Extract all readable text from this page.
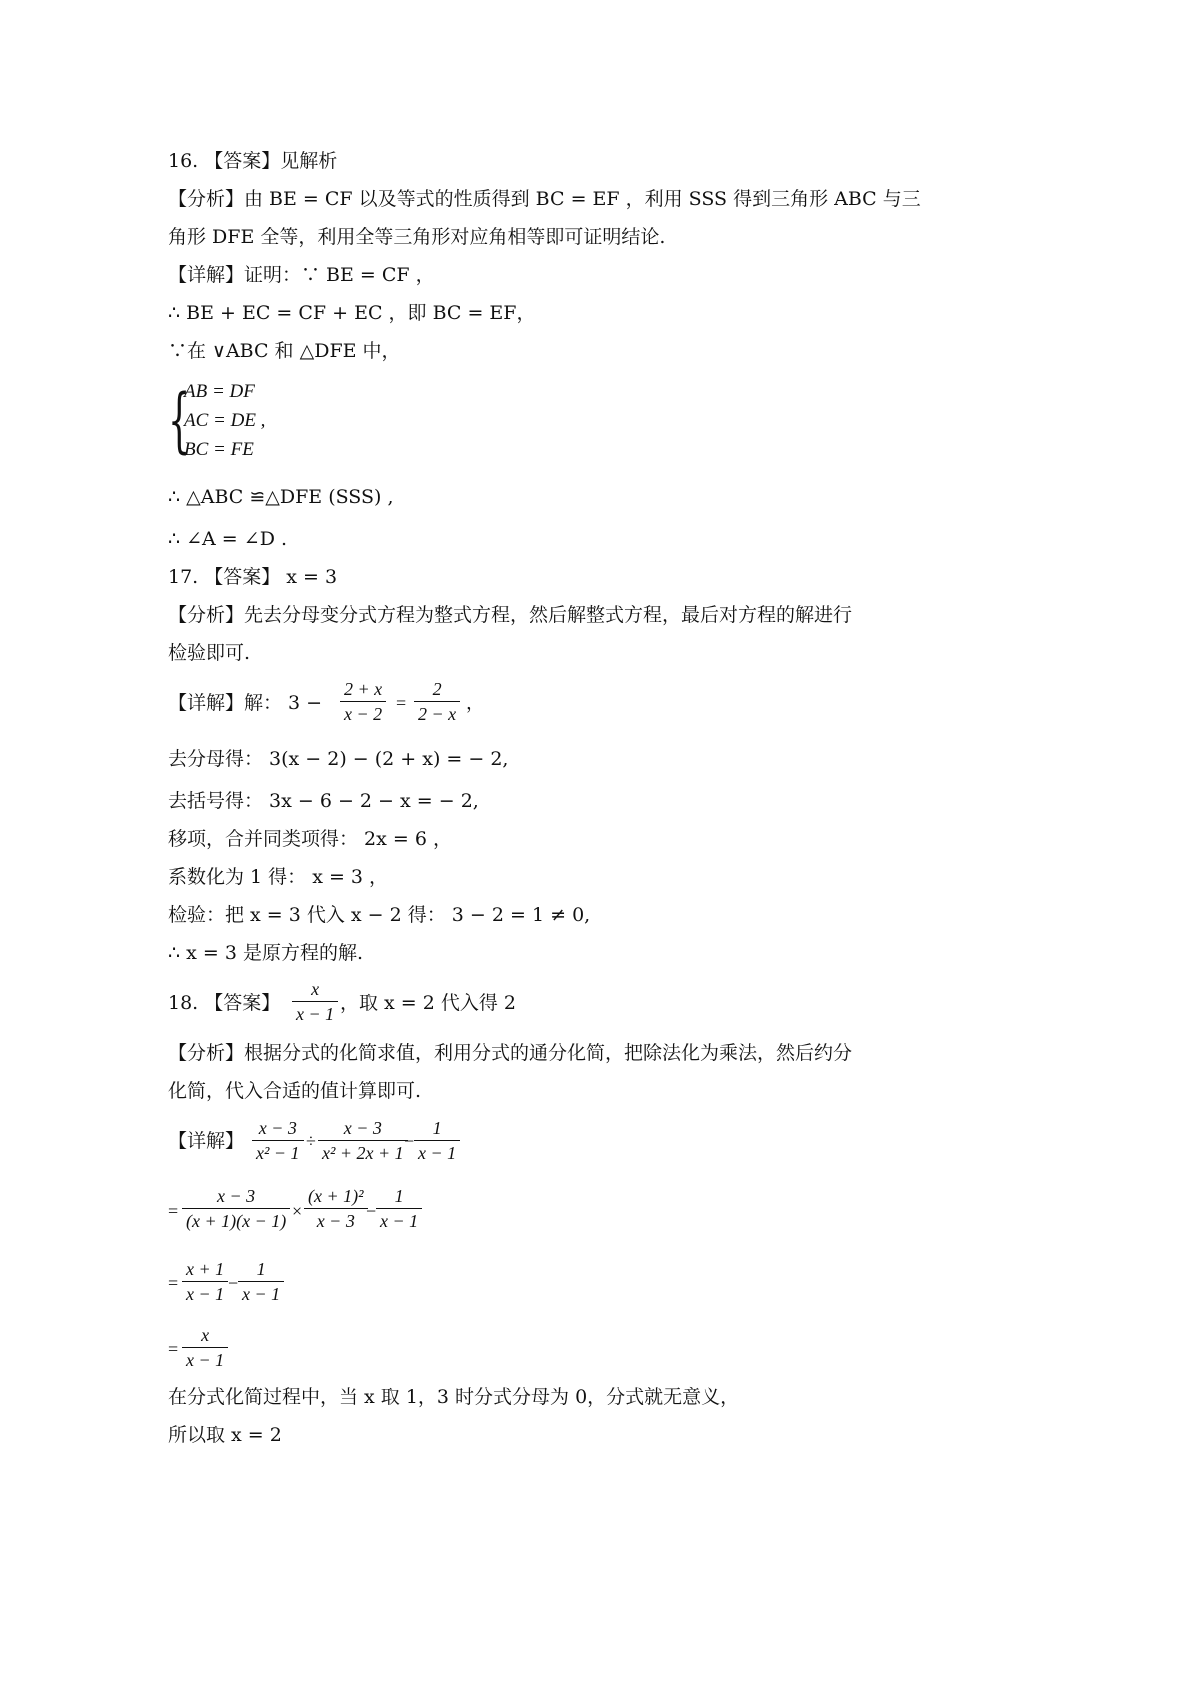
16. 【答案】见解析
【分析】由 BE = CF 以及等式的性质得到 BC = EF ，利用 SSS 得到三角形 ABC 与三
角形 DFE 全等，利用全等三角形对应角相等即可证明结论.
【详解】证明：∵ BE = CF ，
∴ BE + EC = CF + EC ，即 BC = EF，
∵在 ∨ABC 和 △DFE 中，
{
AB = DF
AC = DE ,
BC = FE
∴ △ABC ≌△DFE (SSS) ,
∴ ∠A = ∠D .
17. 【答案】 x = 3
【分析】先去分母变分式方程为整式方程，然后解整式方程，最后对方程的解进行
检验即可.
【详解】解： 3 −
2 + x
x − 2
=
2
2 − x
，
去分母得： 3(x − 2) − (2 + x) = − 2,
去括号得： 3x − 6 − 2 − x = − 2,
移项，合并同类项得： 2x = 6 ，
系数化为 1 得： x = 3 ，
检验：把 x = 3 代入 x − 2 得： 3 − 2 = 1 ≠ 0,
∴ x = 3 是原方程的解.
18. 【答案】
x
x − 1 ，取 x = 2 代入得 2
【分析】根据分式的化简求值，利用分式的通分化简，把除法化为乘法，然后约分
化简，代入合适的值计算即可.
【详解】
x − 3
x² − 1
÷
x − 3
x² + 2x + 1
−
1
x − 1
=
x − 3
(x + 1)(x − 1) ×
(x + 1)²
x − 3 −
1
x − 1
=
x + 1
x − 1
−
1
x − 1
=
x
x − 1
在分式化简过程中，当 x 取 1，3 时分式分母为 0，分式就无意义，
所以取 x = 2
